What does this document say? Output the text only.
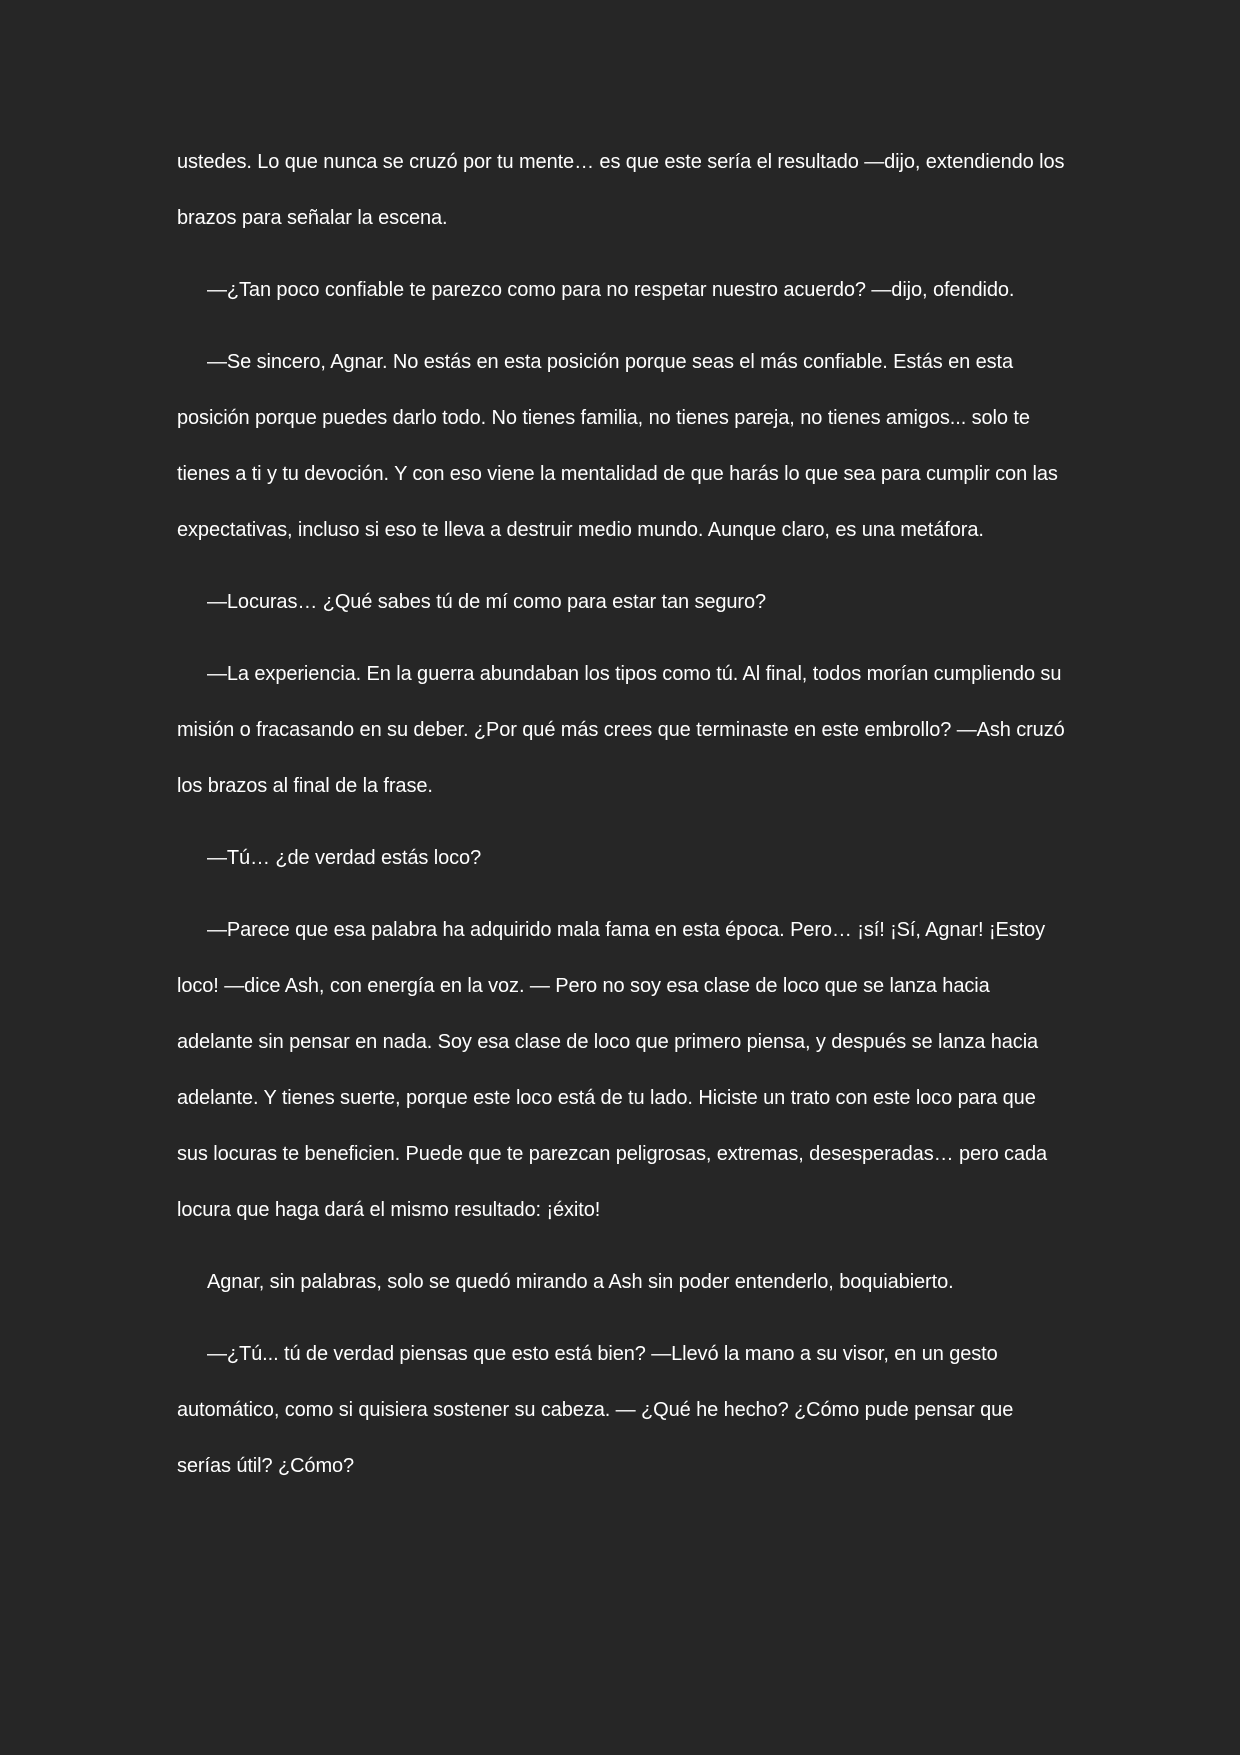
ustedes. Lo que nunca se cruzó por tu mente… es que este sería el resultado —dijo, extendiendo los brazos para señalar la escena.

—¿Tan poco confiable te parezco como para no respetar nuestro acuerdo? —dijo, ofendido.

—Se sincero, Agnar. No estás en esta posición porque seas el más confiable. Estás en esta posición porque puedes darlo todo. No tienes familia, no tienes pareja, no tienes amigos... solo te tienes a ti y tu devoción. Y con eso viene la mentalidad de que harás lo que sea para cumplir con las expectativas, incluso si eso te lleva a destruir medio mundo. Aunque claro, es una metáfora.

—Locuras… ¿Qué sabes tú de mí como para estar tan seguro?

—La experiencia. En la guerra abundaban los tipos como tú. Al final, todos morían cumpliendo su misión o fracasando en su deber. ¿Por qué más crees que terminaste en este embrollo? —Ash cruzó los brazos al final de la frase.

—Tú… ¿de verdad estás loco?

—Parece que esa palabra ha adquirido mala fama en esta época. Pero… ¡sí! ¡Sí, Agnar! ¡Estoy loco! —dice Ash, con energía en la voz. — Pero no soy esa clase de loco que se lanza hacia adelante sin pensar en nada. Soy esa clase de loco que primero piensa, y después se lanza hacia adelante. Y tienes suerte, porque este loco está de tu lado. Hiciste un trato con este loco para que sus locuras te beneficien. Puede que te parezcan peligrosas, extremas, desesperadas… pero cada locura que haga dará el mismo resultado: ¡éxito!

Agnar, sin palabras, solo se quedó mirando a Ash sin poder entenderlo, boquiabierto.

—¿Tú... tú de verdad piensas que esto está bien? —Llevó la mano a su visor, en un gesto automático, como si quisiera sostener su cabeza. — ¿Qué he hecho? ¿Cómo pude pensar que serías útil? ¿Cómo?
